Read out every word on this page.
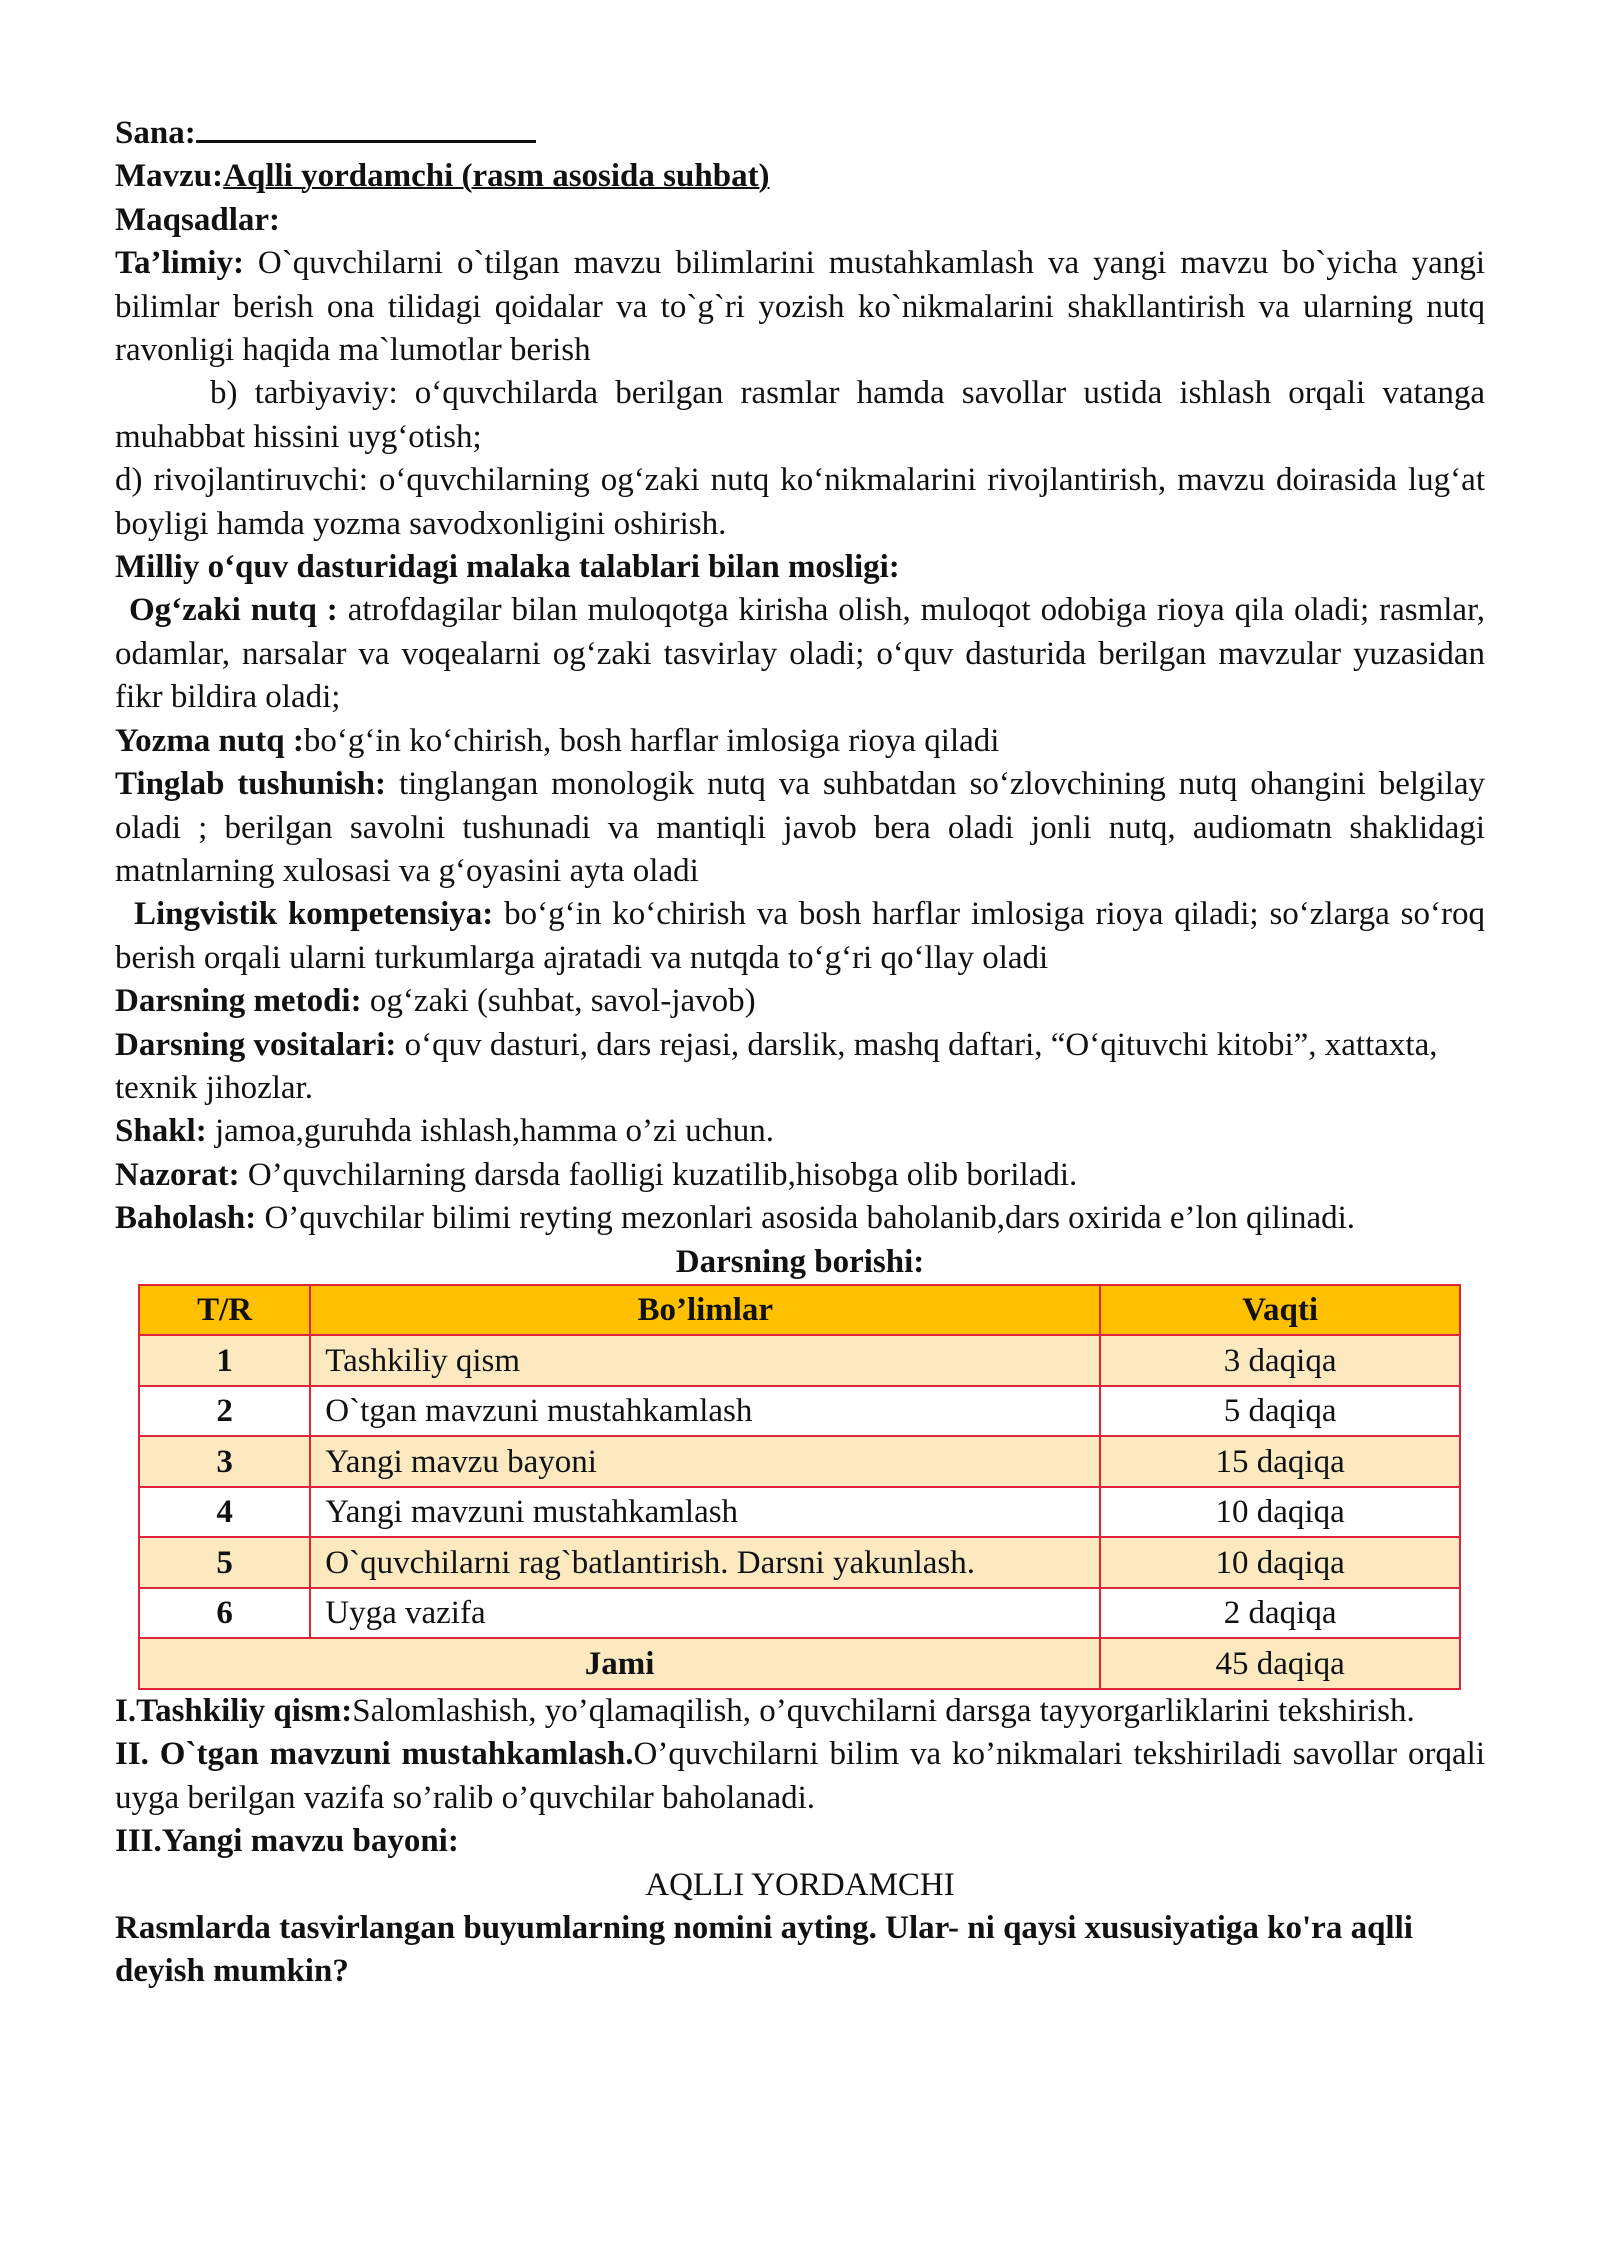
Sana:

Mavzu:Aqlli yordamchi (rasm asosida suhbat)

Maqsadlar:

Ta’limiy: O`quvchilarni o`tilgan mavzu bilimlarini mustahkamlash va yangi mavzu bo`yicha yangi bilimlar berish ona tilidagi qoidalar va to`g`ri yozish ko`nikmalarini shakllantirish va ularning nutq ravonligi haqida ma`lumotlar berish

b) tarbiyaviy: o‘quvchilarda berilgan rasmlar hamda savollar ustida ishlash orqali vatanga muhabbat hissini uyg‘otish;

d) rivojlantiruvchi: o‘quvchilarning og‘zaki nutq ko‘nikmalarini rivojlantirish, mavzu doirasida lug‘at boyligi hamda yozma savodxonligini oshirish.

Milliy o‘quv dasturidagi malaka talablari bilan mosligi:

Og‘zaki nutq : atrofdagilar bilan muloqotga kirisha olish, muloqot odobiga rioya qila oladi; rasmlar, odamlar, narsalar va voqealarni og‘zaki tasvirlay oladi; o‘quv dasturida berilgan mavzular yuzasidan fikr bildira oladi;

Yozma nutq :bo‘g‘in ko‘chirish, bosh harflar imlosiga rioya qiladi

Tinglab tushunish: tinglangan monologik nutq va suhbatdan so‘zlovchining nutq ohangini belgilay oladi ; berilgan savolni tushunadi va mantiqli javob bera oladi jonli nutq, audiomatn shaklidagi matnlarning xulosasi va g‘oyasini ayta oladi

Lingvistik kompetensiya: bo‘g‘in ko‘chirish va bosh harflar imlosiga rioya qiladi; so‘zlarga so‘roq berish orqali ularni turkumlarga ajratadi va nutqda to‘g‘ri qo‘llay oladi

Darsning metodi: og‘zaki (suhbat, savol-javob)

Darsning vositalari: o‘quv dasturi, dars rejasi, darslik, mashq daftari, “O‘qituvchi kitobi”, xattaxta, texnik jihozlar.

Shakl: jamoa,guruhda ishlash,hamma o’zi uchun.

Nazorat: O’quvchilarning darsda faolligi kuzatilib,hisobga olib boriladi.

Baholash: O’quvchilar bilimi reyting mezonlari asosida baholanib,dars oxirida e’lon qilinadi.

Darsning borishi:

T/R	Bo’limlar	Vaqti
1	Tashkiliy qism	3 daqiqa
2	O`tgan mavzuni mustahkamlash	5 daqiqa
3	Yangi mavzu bayoni	15 daqiqa
4	Yangi mavzuni mustahkamlash	10 daqiqa
5	O`quvchilarni rag`batlantirish. Darsni yakunlash.	10 daqiqa
6	Uyga vazifa	2 daqiqa
Jami		45 daqiqa

I.Tashkiliy qism:Salomlashish, yo’qlamaqilish, o’quvchilarni darsga tayyorgarliklarini tekshirish.

II. O`tgan mavzuni mustahkamlash.O’quvchilarni bilim va ko’nikmalari tekshiriladi savollar orqali uyga berilgan vazifa so’ralib o’quvchilar baholanadi.

III.Yangi mavzu bayoni:

AQLLI YORDAMCHI

Rasmlarda tasvirlangan buyumlarning nomini ayting. Ular- ni qaysi xususiyatiga ko'ra aqlli deyish mumkin?
